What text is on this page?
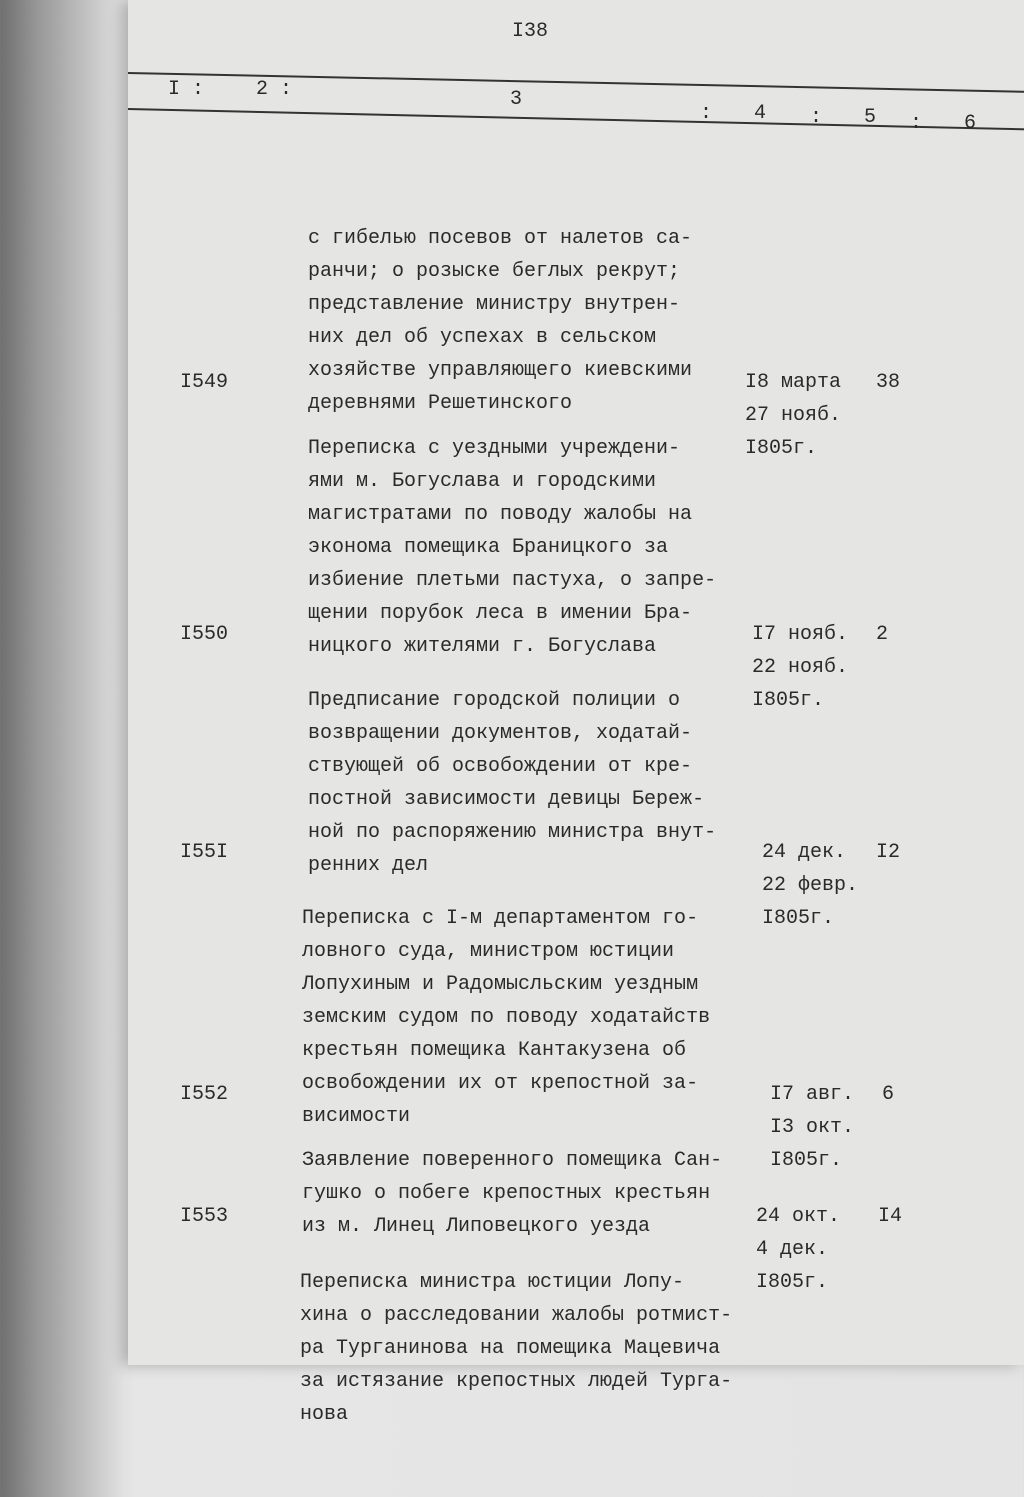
I38
I :	2 :	3
: 4 : 5 : 6

с гибелью посевов от налетов са-
ранчи; о розыске беглых рекрут;
представление министру внутрен-
них дел об успехах в сельском
хозяйстве управляющего киевскими
деревнями Решетинского

I549

Переписка с уездными учреждени-
ями м. Богуслава и городскими
магистратами по поводу жалобы на
эконома помещика Браницкого за
избиение плетьми пастуха, о запре-
щении порубок леса в имении Бра-
ницкого жителями г. Богуслава

I8 марта
27 нояб.
I805г.
38
I550

Предписание городской полиции о
возвращении документов, ходатай-
ствующей об освобождении от кре-
постной зависимости девицы Береж-
ной по распоряжению министра внут-
ренних дел

I7 нояб.
22 нояб.
I805г.
2
I55I

Переписка с I-м департаментом го-
ловного суда, министром юстиции
Лопухиным и Радомысльским уездным
земским судом по поводу ходатайств
крестьян помещика Кантакузена об
освобождении их от крепостной за-
висимости

24 дек.
22 февр.
I805г.
I2
I552

Заявление поверенного помещика Сан-
гушко о побеге крепостных крестьян
из м. Линец Липовецкого уезда

I7 авг.
I3 окт.
I805г.
6
I553

Переписка министра юстиции Лопу-
хина о расследовании жалобы ротмист-
ра Турганинова на помещика Мацевича
за истязание крепостных людей Турга-
нова

24 окт.
4 дек.
I805г.
I4
